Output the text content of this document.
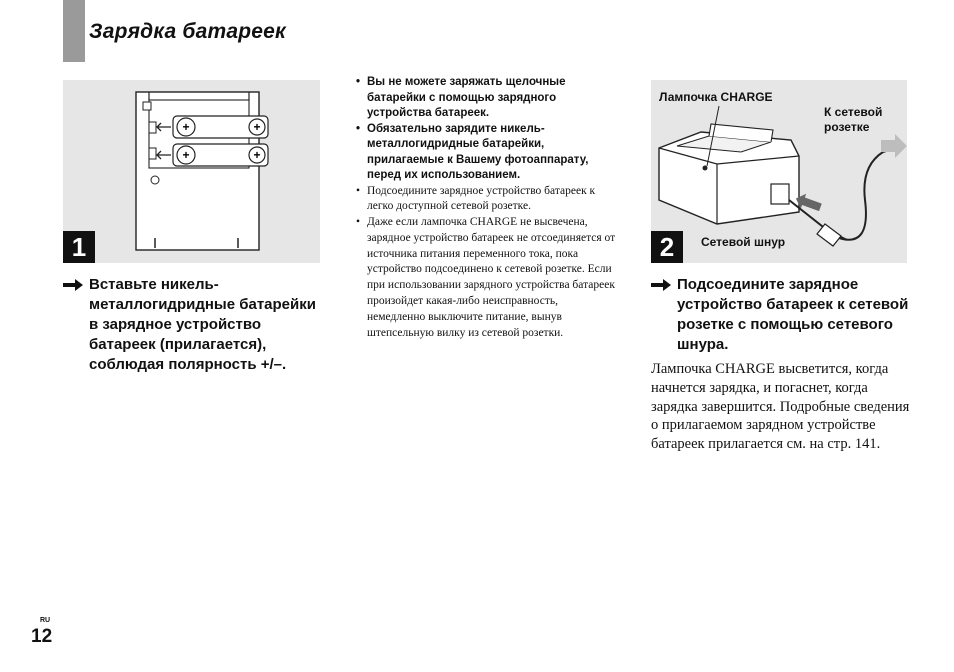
Зарядка батареек
+	+
+	+
1

Вставьте никель-металлогидридные батарейки в зарядное устройство батареек (прилагается), соблюдая полярность +/–.

• Вы не можете заряжать щелочные батарейки с помощью зарядного устройства батареек.
• Обязательно зарядите никель-металлогидридные батарейки, прилагаемые к Вашему фотоаппарату, перед их использованием.
• Подсоедините зарядное устройство батареек к легко доступной сетевой розетке.
• Даже если лампочка CHARGE не высвечена, зарядное устройство батареек не отсоединяется от источника питания переменного тока, пока устройство подсоединено к сетевой розетке. Если при использовании зарядного устройства батареек произойдет какая-либо неисправность, немедленно выключите питание, вынув штепсельную вилку из сетевой розетки.

Лампочка CHARGE

К сетевой розетке

Сетевой шнур

2

Подсоедините зарядное устройство батареек к сетевой розетке с помощью сетевого шнура.

Лампочка CHARGE высветится, когда начнется зарядка, и погаснет, когда зарядка завершится. Подробные сведения о прилагаемом зарядном устройстве батареек прилагается см. на стр. 141.

RU
12
